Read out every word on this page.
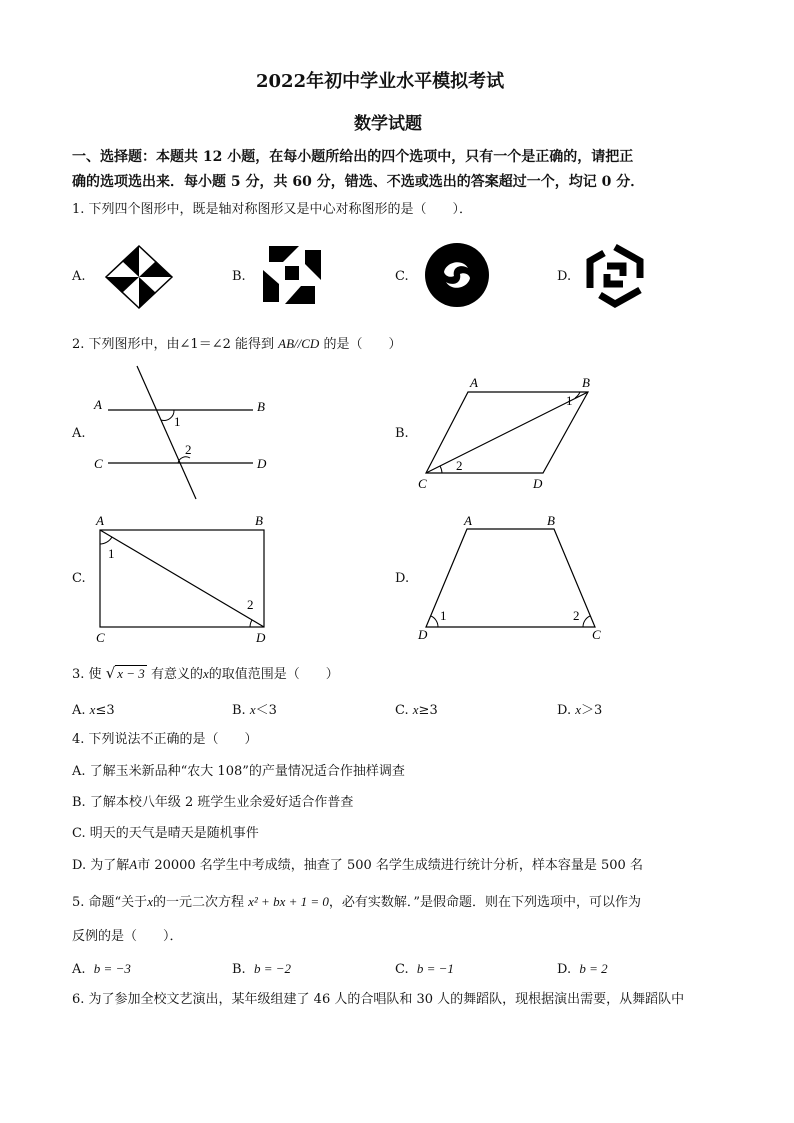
2022年初中学业水平模拟考试
数学试题
一、选择题：本题共 12 小题，在每小题所给出的四个选项中，只有一个是正确的，请把正
确的选项选出来．每小题 5 分，共 60 分，错选、不选或选出的答案超过一个，均记 0 分．
1. 下列四个图形中，既是轴对称图形又是中心对称图形的是（　　）．
A.	B.	C.	D.
2. 下列图形中，由∠1＝∠2 能得到 AB//CD 的是（　　）
A.
A	B
C	D
1
2
B.
A	B
C	D
1
2
C.
A	B
C	D
1
2
D.
A	B
C
D
1	2
3. 使 √ x − 3 有意义的x的取值范围是（　　）
A. x≤3	B. x＜3	C. x≥3	D. x＞3
4. 下列说法不正确的是（　　）
A. 了解玉米新品种“农大 108”的产量情况适合作抽样调查
B. 了解本校八年级 2 班学生业余爱好适合作普查
C. 明天的天气是晴天是随机事件
D. 为了解A市 20000 名学生中考成绩，抽查了 500 名学生成绩进行统计分析，样本容量是 500 名
5. 命题“关于x的一元二次方程 x² + bx + 1 = 0，必有实数解．”是假命题．则在下列选项中，可以作为
反例的是（　　）．
A. b = −3	B. b = −2	C. b = −1	D. b = 2
6. 为了参加全校文艺演出，某年级组建了 46 人的合唱队和 30 人的舞蹈队，现根据演出需要，从舞蹈队中
